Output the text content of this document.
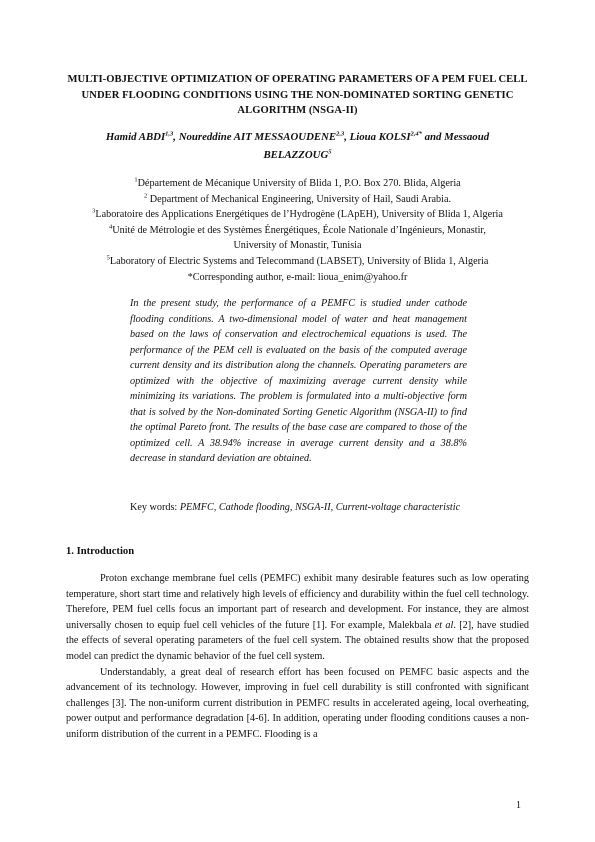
MULTI-OBJECTIVE OPTIMIZATION OF OPERATING PARAMETERS OF A PEM FUEL CELL UNDER FLOODING CONDITIONS USING THE NON-DOMINATED SORTING GENETIC ALGORITHM (NSGA-II)
Hamid ABDI$^{1,3}$, Noureddine AIT MESSAOUDENE$^{2,3}$, Lioua $KOLSI^{2,4*}$ and Messaoud BELAZZOUG$^5$
$^1$Département de Mécanique University of Blida 1, P.O. Box 270. Blida, Algeria
$^2$ Department of Mechanical Engineering, University of Hail, Saudi Arabia.
$^3$Laboratoire des Applications Energétiques de l’Hydrogène (LApEH), University of Blida 1, Algeria
$^4$Unité de Métrologie et des Systèmes Énergétiques, École Nationale d’Ingénieurs, Monastir,
University of Monastir, Tunisia
$^5$Laboratory of Electric Systems and Telecommand (LABSET), University of Blida 1, Algeria
*Corresponding author, e-mail: lioua_enim@yahoo.fr
In the present study, the performance of a PEMFC is studied under cathode flooding conditions. A two-dimensional model of water and heat management based on the laws of conservation and electrochemical equations is used. The performance of the PEM cell is evaluated on the basis of the computed average current density and its distribution along the channels. Operating parameters are optimized with the objective of maximizing average current density while minimizing its variations. The problem is formulated into a multi-objective form that is solved by the Non-dominated Sorting Genetic Algorithm (NSGA-II) to find the optimal Pareto front. The results of the base case are compared to those of the optimized cell. A 38.94% increase in average current density and a 38.8% decrease in standard deviation are obtained.
Key words: PEMFC, Cathode flooding, NSGA-II, Current-voltage characteristic
1. Introduction

Proton exchange membrane fuel cells (PEMFC) exhibit many desirable features such as low operating temperature, short start time and relatively high levels of efficiency and durability within the fuel cell technology. Therefore, PEM fuel cells focus an important part of research and development. For instance, they are almost universally chosen to equip fuel cell vehicles of the future [1]. For example, Malekbala et al. [2], have studied the effects of several operating parameters of the fuel cell system. The obtained results show that the proposed model can predict the dynamic behavior of the fuel cell system.

Understandably, a great deal of research effort has been focused on PEMFC basic aspects and the advancement of its technology. However, improving in fuel cell durability is still confronted with significant challenges [3]. The non-uniform current distribution in PEMFC results in accelerated ageing, local overheating, power output and performance degradation [4-6]. In addition, operating under flooding conditions causes a non-uniform distribution of the current in a PEMFC. Flooding is a

1
